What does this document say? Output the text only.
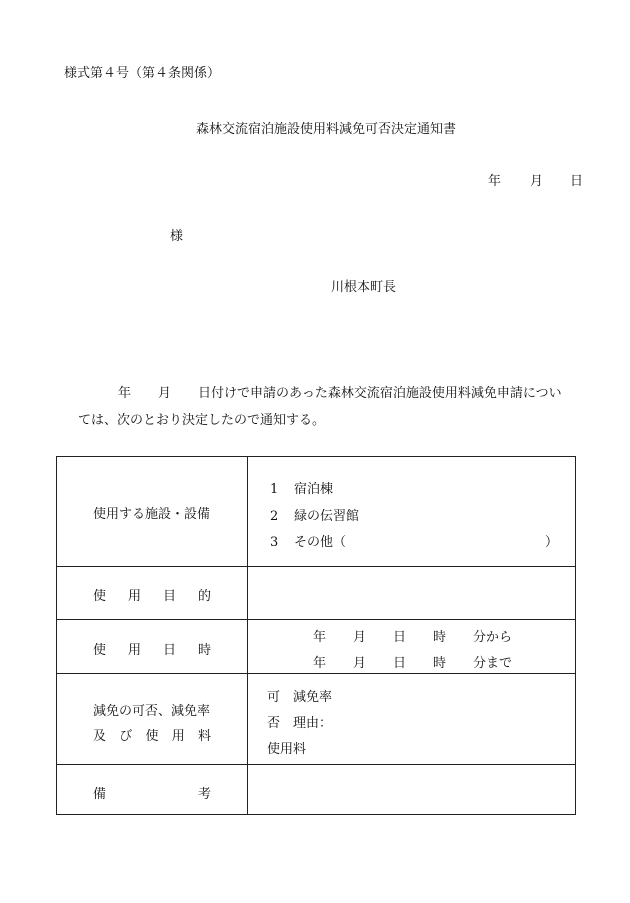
様式第４号（第４条関係）
森林交流宿泊施設使用料減免可否決定通知書
年 月 日
様
川根本町長
年 月 日付けで申請のあった森林交流宿泊施設使用料減免申請につい
ては、次のとおり決定したので通知する。
使用する施設・設備
1 宿泊棟
2 緑の伝習館
3 その他（	）
使 用 目 的
使 用 日 時
年 月 日 時 分から
年 月 日 時 分まで
減免の可否、減免率
及 び 使 用 料
可 減免率
否 理由：
使用料
備	考
